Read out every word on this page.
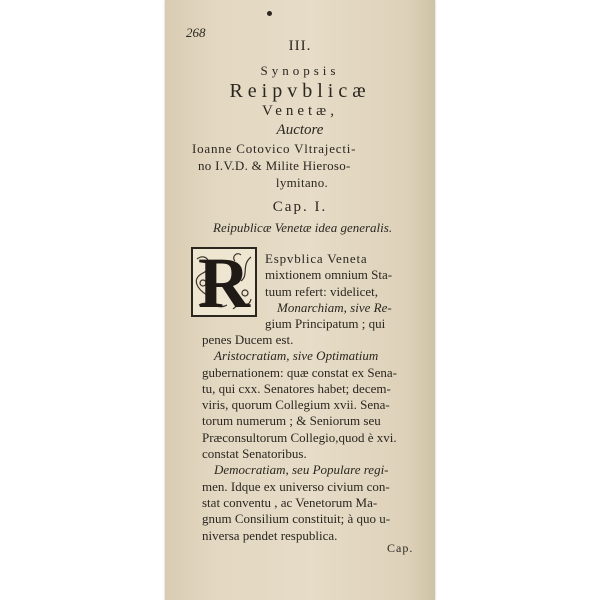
268
III.
Synopsis
Reipvblicæ
Venetæ,
Auctore
Ioanne Cotovico Vltrajecti-
no I.V.D. & Milite Hieroso-
lymitano.
Cap. I.
Reipublicæ Venetæ idea generalis.
R	Espvblica Veneta
mixtionem omnium Sta-
tuum refert: videlicet,
Monarchiam, sive Re-
gium Principatum ; qui
penes Ducem est.
Aristocratiam, sive Optimatium
gubernationem: quæ constat ex Sena-
tu, qui cxx. Senatores habet; decem-
viris, quorum Collegium xvii. Sena-
torum numerum ; & Seniorum seu
Præconsultorum Collegio,quod è xvi.
constat Senatoribus.
Democratiam, seu Populare regi-
men. Idque ex universo civium con-
stat conventu , ac Venetorum Ma-
gnum Consilium constituit; à quo u-
niversa pendet respublica.
Cap.
